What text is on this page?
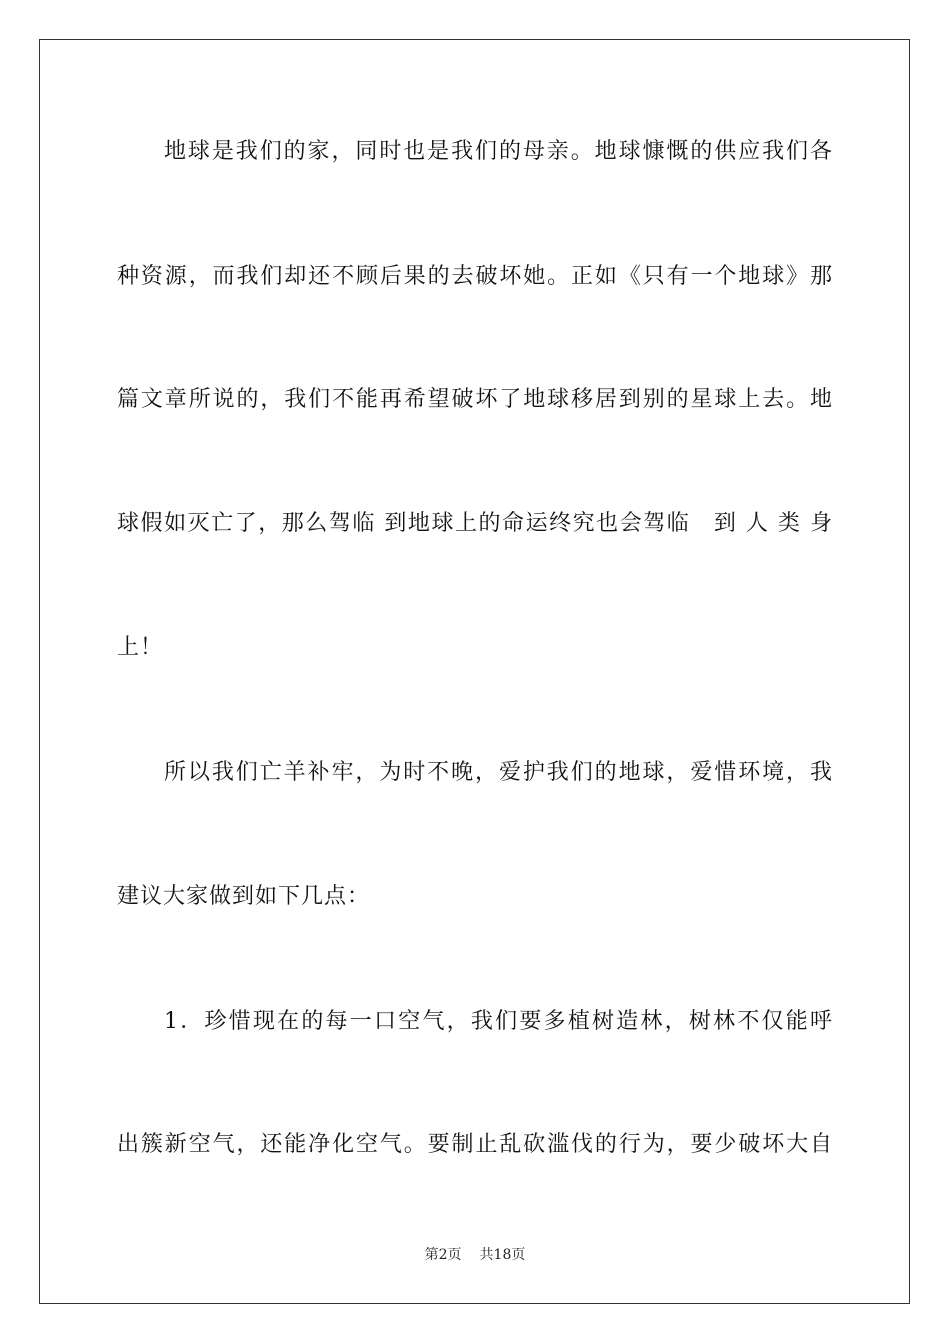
地球是我们的家，同时也是我们的母亲。地球慷慨的供应我们各
种资源，而我们却还不顾后果的去破坏她。正如《只有一个地球》那
篇文章所说的，我们不能再希望破坏了地球移居到别的星球上去。地
球假如灭亡了，那么驾临 到地球上的命运终究也会驾临　到 人 类 身
上！
所以我们亡羊补牢，为时不晚，爱护我们的地球，爱惜环境，我
建议大家做到如下几点：
1．珍惜现在的每一口空气，我们要多植树造林，树林不仅能呼
出簇新空气，还能净化空气。要制止乱砍滥伐的行为，要少破坏大自
第2页 共18页
